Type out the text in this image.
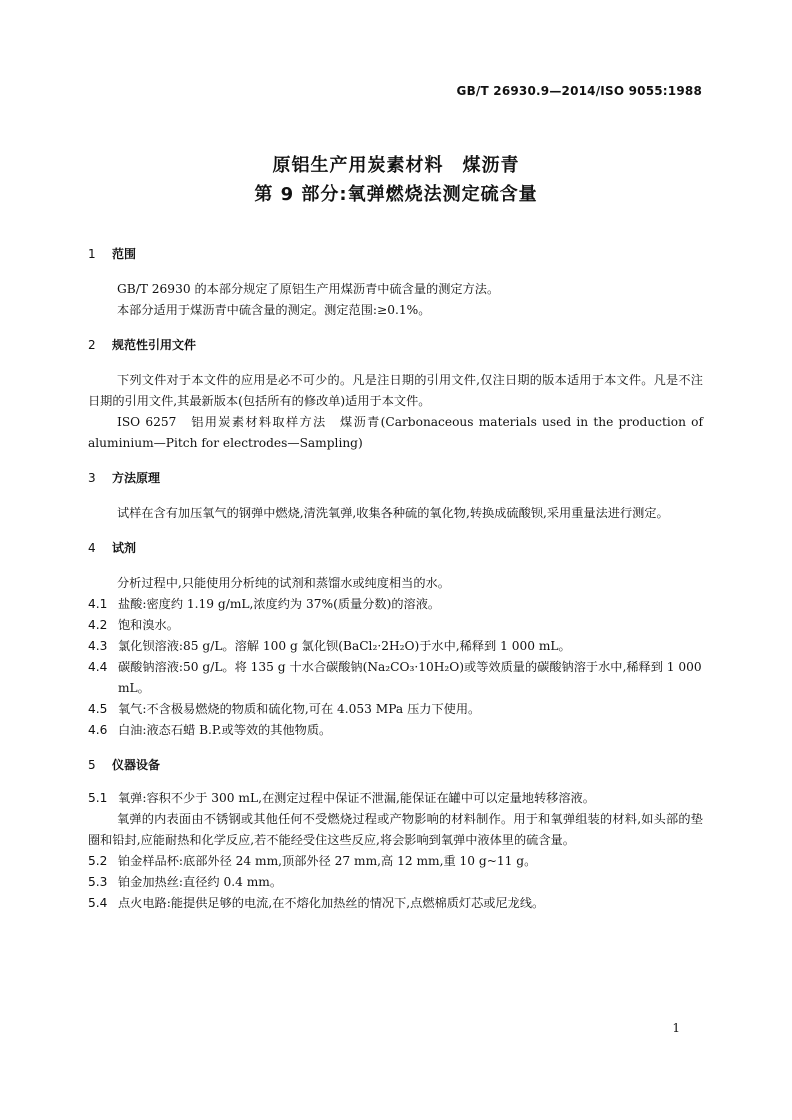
GB/T 26930.9—2014/ISO 9055:1988
原铝生产用炭素材料　煤沥青
第 9 部分:氧弹燃烧法测定硫含量
1 范围
GB/T 26930 的本部分规定了原铝生产用煤沥青中硫含量的测定方法。
本部分适用于煤沥青中硫含量的测定。测定范围:≥0.1%。
2 规范性引用文件
下列文件对于本文件的应用是必不可少的。凡是注日期的引用文件,仅注日期的版本适用于本文件。凡是不注日期的引用文件,其最新版本(包括所有的修改单)适用于本文件。
ISO 6257　铝用炭素材料取样方法　煤沥青(Carbonaceous materials used in the production of aluminium—Pitch for electrodes—Sampling)
3 方法原理
试样在含有加压氧气的钢弹中燃烧,清洗氧弹,收集各种硫的氧化物,转换成硫酸钡,采用重量法进行测定。
4 试剂
分析过程中,只能使用分析纯的试剂和蒸馏水或纯度相当的水。
4.1 盐酸:密度约 1.19 g/mL,浓度约为 37%(质量分数)的溶液。
4.2 饱和溴水。
4.3 氯化钡溶液:85 g/L。溶解 100 g 氯化钡(BaCl₂·2H₂O)于水中,稀释到 1 000 mL。
4.4 碳酸钠溶液:50 g/L。将 135 g 十水合碳酸钠(Na₂CO₃·10H₂O)或等效质量的碳酸钠溶于水中,稀释到 1 000 mL。
4.5 氧气:不含极易燃烧的物质和硫化物,可在 4.053 MPa 压力下使用。
4.6 白油:液态石蜡 B.P.或等效的其他物质。
5 仪器设备
5.1 氧弹:容积不少于 300 mL,在测定过程中保证不泄漏,能保证在罐中可以定量地转移溶液。
氧弹的内表面由不锈钢或其他任何不受燃烧过程或产物影响的材料制作。用于和氧弹组装的材料,如头部的垫圈和铅封,应能耐热和化学反应,若不能经受住这些反应,将会影响到氧弹中液体里的硫含量。
5.2 铂金样品杯:底部外径 24 mm,顶部外径 27 mm,高 12 mm,重 10 g~11 g。
5.3 铂金加热丝:直径约 0.4 mm。
5.4 点火电路:能提供足够的电流,在不熔化加热丝的情况下,点燃棉质灯芯或尼龙线。
1
